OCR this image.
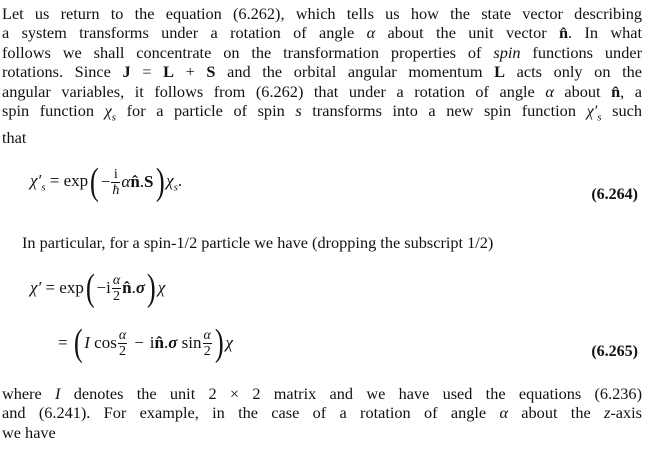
Let us return to the equation (6.262), which tells us how the state vector describing
a system transforms under a rotation of angle α about the unit vector n̂. In what
follows we shall concentrate on the transformation properties of spin functions under
rotations. Since J = L + S and the orbital angular momentum L acts only on the
angular variables, it follows from (6.262) that under a rotation of angle α about n̂, a
spin function $\chi_s$ for a particle of spin s transforms into a new spin function $\chi'_s$ such
that
$\chi'_s = \exp$ ( − $\frac{i}{ħ}$ αn̂.S ) $\chi_s$.
(6.264)
In particular, for a spin-1/2 particle we have (dropping the subscript 1/2)
χ′ = exp ( $-i \frac{\alpha}{2}$ n̂.σ ) χ
= ( I $\cos \frac{\alpha}{2}$ − in̂.σ $\sin \frac{\alpha}{2}$ ) χ	(6.265)
where I denotes the unit 2 × 2 matrix and we have used the equations (6.236)
and (6.241). For example, in the case of a rotation of angle α about the z-axis
we have
